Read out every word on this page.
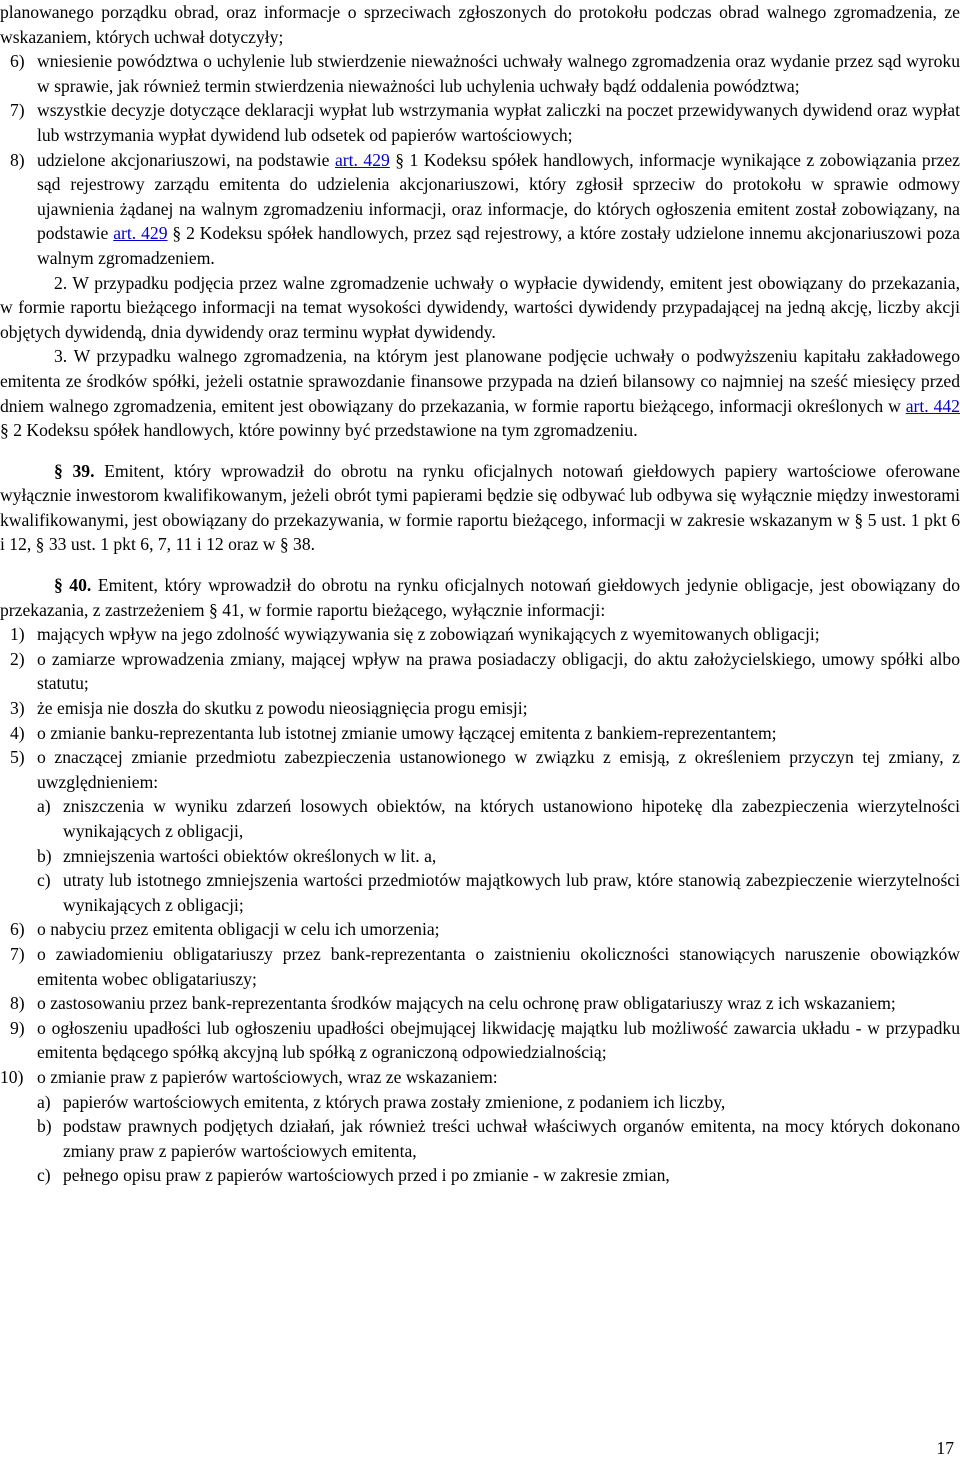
planowanego porządku obrad, oraz informacje o sprzeciwach zgłoszonych do protokołu podczas obrad walnego zgromadzenia, ze wskazaniem, których uchwał dotyczyły;

6) wniesienie powództwa o uchylenie lub stwierdzenie nieważności uchwały walnego zgromadzenia oraz wydanie przez sąd wyroku w sprawie, jak również termin stwierdzenia nieważności lub uchylenia uchwały bądź oddalenia powództwa;
7) wszystkie decyzje dotyczące deklaracji wypłat lub wstrzymania wypłat zaliczki na poczet przewidywanych dywidend oraz wypłat lub wstrzymania wypłat dywidend lub odsetek od papierów wartościowych;
8) udzielone akcjonariuszowi, na podstawie art. 429 § 1 Kodeksu spółek handlowych, informacje wynikające z zobowiązania przez sąd rejestrowy zarządu emitenta do udzielenia akcjonariuszowi, który zgłosił sprzeciw do protokołu w sprawie odmowy ujawnienia żądanej na walnym zgromadzeniu informacji, oraz informacje, do których ogłoszenia emitent został zobowiązany, na podstawie art. 429 § 2 Kodeksu spółek handlowych, przez sąd rejestrowy, a które zostały udzielone innemu akcjonariuszowi poza walnym zgromadzeniem.

2. W przypadku podjęcia przez walne zgromadzenie uchwały o wypłacie dywidendy, emitent jest obowiązany do przekazania, w formie raportu bieżącego informacji na temat wysokości dywidendy, wartości dywidendy przypadającej na jedną akcję, liczby akcji objętych dywidendą, dnia dywidendy oraz terminu wypłat dywidendy.

3. W przypadku walnego zgromadzenia, na którym jest planowane podjęcie uchwały o podwyższeniu kapitału zakładowego emitenta ze środków spółki, jeżeli ostatnie sprawozdanie finansowe przypada na dzień bilansowy co najmniej na sześć miesięcy przed dniem walnego zgromadzenia, emitent jest obowiązany do przekazania, w formie raportu bieżącego, informacji określonych w art. 442 § 2 Kodeksu spółek handlowych, które powinny być przedstawione na tym zgromadzeniu.

§ 39. Emitent, który wprowadził do obrotu na rynku oficjalnych notowań giełdowych papiery wartościowe oferowane wyłącznie inwestorom kwalifikowanym, jeżeli obrót tymi papierami będzie się odbywać lub odbywa się wyłącznie między inwestorami kwalifikowanymi, jest obowiązany do przekazywania, w formie raportu bieżącego, informacji w zakresie wskazanym w § 5 ust. 1 pkt 6 i 12, § 33 ust. 1 pkt 6, 7, 11 i 12 oraz w § 38.

§ 40. Emitent, który wprowadził do obrotu na rynku oficjalnych notowań giełdowych jedynie obligacje, jest obowiązany do przekazania, z zastrzeżeniem § 41, w formie raportu bieżącego, wyłącznie informacji:

1) mających wpływ na jego zdolność wywiązywania się z zobowiązań wynikających z wyemitowanych obligacji;
2) o zamiarze wprowadzenia zmiany, mającej wpływ na prawa posiadaczy obligacji, do aktu założycielskiego, umowy spółki albo statutu;
3) że emisja nie doszła do skutku z powodu nieosiągnięcia progu emisji;
4) o zmianie banku-reprezentanta lub istotnej zmianie umowy łączącej emitenta z bankiem-reprezentantem;
5) o znaczącej zmianie przedmiotu zabezpieczenia ustanowionego w związku z emisją, z określeniem przyczyn tej zmiany, z uwzględnieniem:
a) zniszczenia w wyniku zdarzeń losowych obiektów, na których ustanowiono hipotekę dla zabezpieczenia wierzytelności wynikających z obligacji,
b) zmniejszenia wartości obiektów określonych w lit. a,
c) utraty lub istotnego zmniejszenia wartości przedmiotów majątkowych lub praw, które stanowią zabezpieczenie wierzytelności wynikających z obligacji;
6) o nabyciu przez emitenta obligacji w celu ich umorzenia;
7) o zawiadomieniu obligatariuszy przez bank-reprezentanta o zaistnieniu okoliczności stanowiących naruszenie obowiązków emitenta wobec obligatariuszy;
8) o zastosowaniu przez bank-reprezentanta środków mających na celu ochronę praw obligatariuszy wraz z ich wskazaniem;
9) o ogłoszeniu upadłości lub ogłoszeniu upadłości obejmującej likwidację majątku lub możliwość zawarcia układu - w przypadku emitenta będącego spółką akcyjną lub spółką z ograniczoną odpowiedzialnością;
10) o zmianie praw z papierów wartościowych, wraz ze wskazaniem:
a) papierów wartościowych emitenta, z których prawa zostały zmienione, z podaniem ich liczby,
b) podstaw prawnych podjętych działań, jak również treści uchwał właściwych organów emitenta, na mocy których dokonano zmiany praw z papierów wartościowych emitenta,
c) pełnego opisu praw z papierów wartościowych przed i po zmianie - w zakresie zmian,
17
